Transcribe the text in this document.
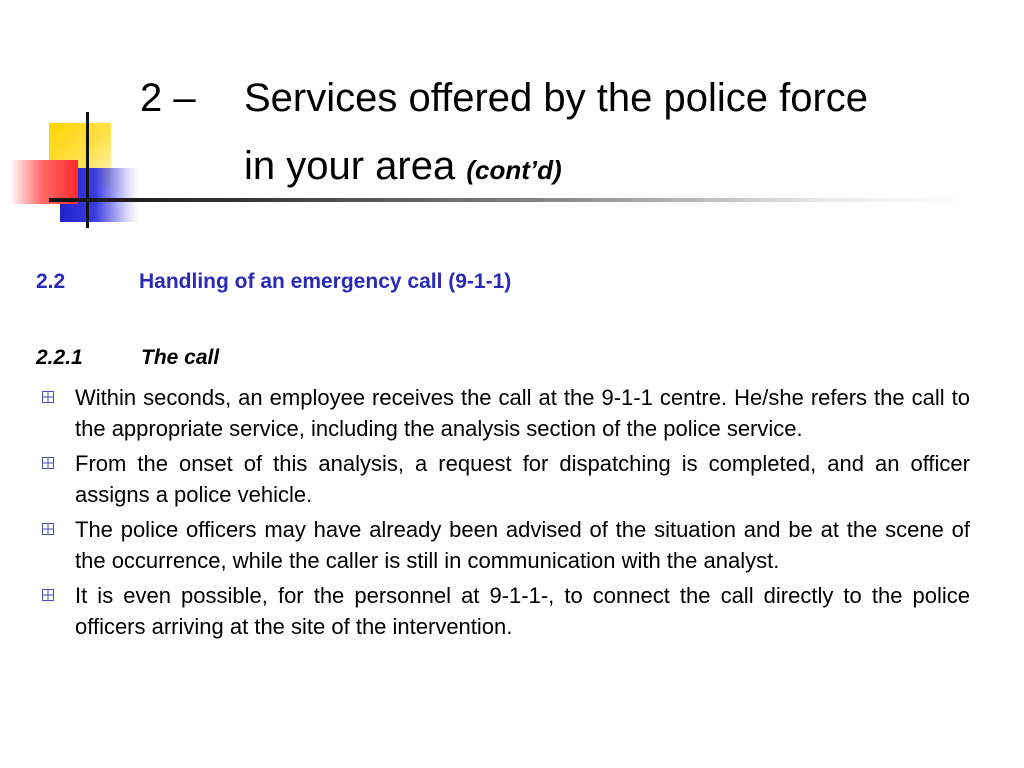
2 – Services offered by the police force
in your area (cont’d)
2.2	Handling of an emergency call (9-1-1)
2.2.1	The call
Within seconds, an employee receives the call at the 9-1-1 centre. He/she refers the call to the appropriate service, including the analysis section of the police service.
From the onset of this analysis, a request for dispatching is completed, and an officer assigns a police vehicle.
The police officers may have already been advised of the situation and be at the scene of the occurrence, while the caller is still in communication with the analyst.
It is even possible, for the personnel at 9-1-1-, to connect the call directly to the police officers arriving at the site of the intervention.
